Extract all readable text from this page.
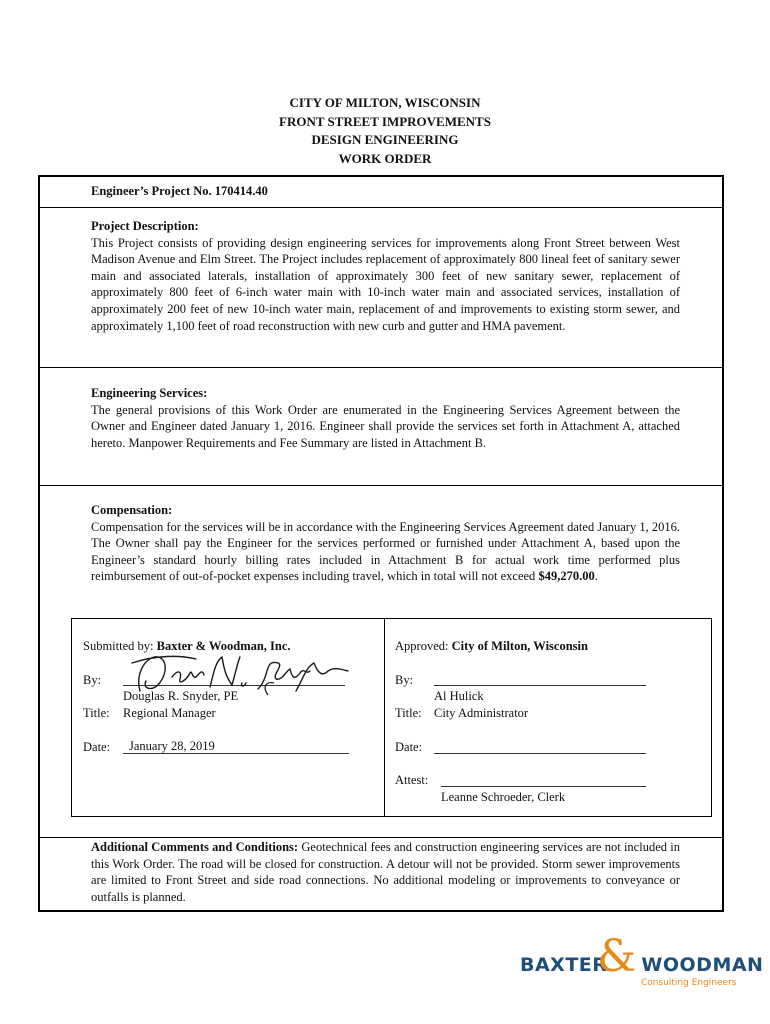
CITY OF MILTON, WISCONSIN
FRONT STREET IMPROVEMENTS
DESIGN ENGINEERING
WORK ORDER
Engineer’s Project No. 170414.40
Project Description:
This Project consists of providing design engineering services for improvements along Front Street between West Madison Avenue and Elm Street. The Project includes replacement of approximately 800 lineal feet of sanitary sewer main and associated laterals, installation of approximately 300 feet of new sanitary sewer, replacement of approximately 800 feet of 6-inch water main with 10-inch water main and associated services, installation of approximately 200 feet of new 10-inch water main, replacement of and improvements to existing storm sewer, and approximately 1,100 feet of road reconstruction with new curb and gutter and HMA pavement.
Engineering Services:
The general provisions of this Work Order are enumerated in the Engineering Services Agreement between the Owner and Engineer dated January 1, 2016. Engineer shall provide the services set forth in Attachment A, attached hereto. Manpower Requirements and Fee Summary are listed in Attachment B.
Compensation:
Compensation for the services will be in accordance with the Engineering Services Agreement dated January 1, 2016. The Owner shall pay the Engineer for the services performed or furnished under Attachment A, based upon the Engineer’s standard hourly billing rates included in Attachment B for actual work time performed plus reimbursement of out-of-pocket expenses including travel, which in total will not exceed $49,270.00.
Submitted by: Baxter & Woodman, Inc.
By:
Douglas R. Snyder, PE
Title: Regional Manager
Date: January 28, 2019
Approved: City of Milton, Wisconsin
By:
Al Hulick
Title: City Administrator
Date:
Attest:
Leanne Schroeder, Clerk
Additional Comments and Conditions: Geotechnical fees and construction engineering services are not included in this Work Order. The road will be closed for construction. A detour will not be provided. Storm sewer improvements are limited to Front Street and side road connections. No additional modeling or improvements to conveyance or outfalls is planned.
BAXTER WOODMAN
&
Consulting Engineers
